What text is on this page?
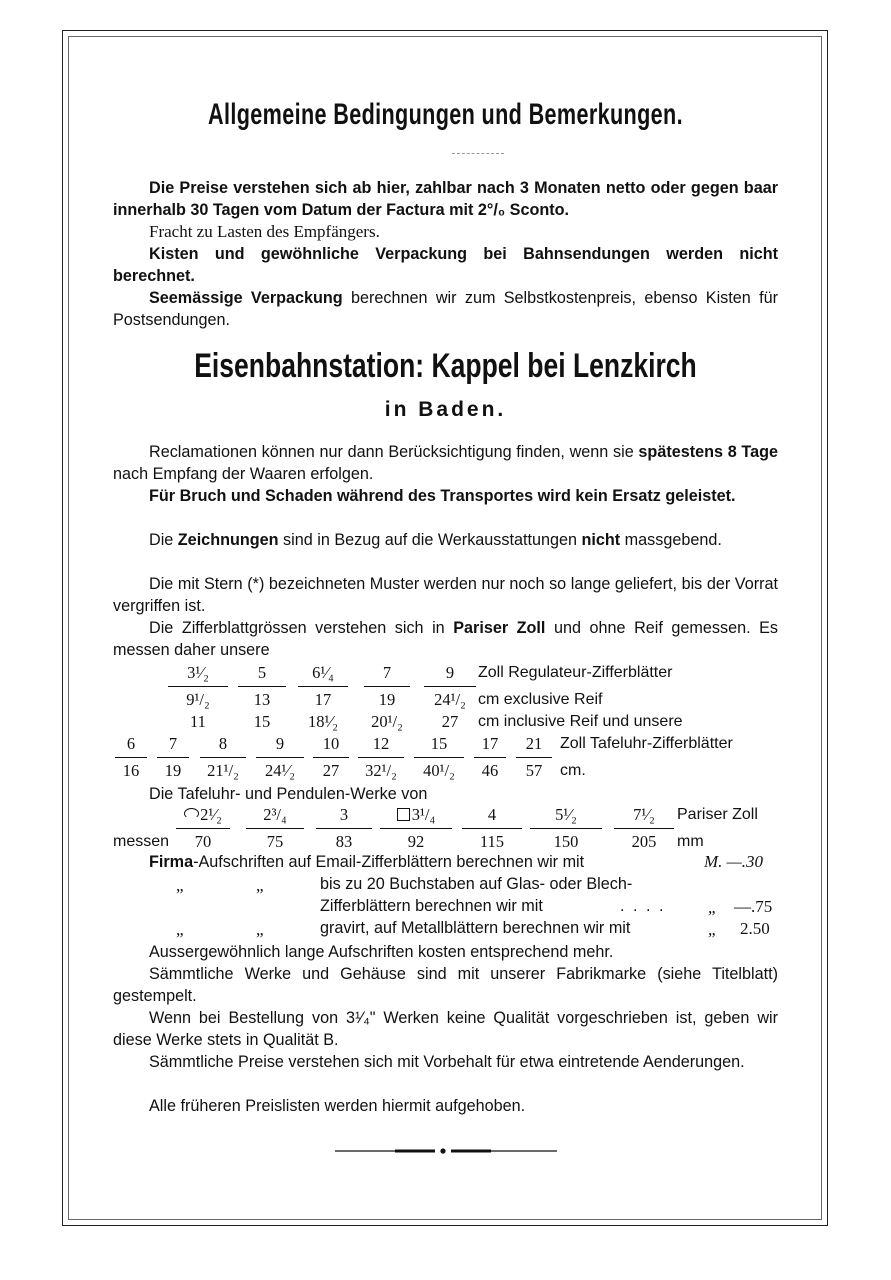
Allgemeine Bedingungen und Bemerkungen.
Die Preise verstehen sich ab hier, zahlbar nach 3 Monaten netto oder gegen baar innerhalb 30 Tagen vom Datum der Factura mit 2°/₀ Sconto.
Fracht zu Lasten des Empfängers.
Kisten und gewöhnliche Verpackung bei Bahnsendungen werden nicht berechnet.
Seemässige Verpackung berechnen wir zum Selbstkostenpreis, ebenso Kisten für Postsendungen.
Eisenbahnstation: Kappel bei Lenzkirch
in Baden.
Reclamationen können nur dann Berücksichtigung finden, wenn sie spätestens 8 Tage nach Empfang der Waaren erfolgen.
Für Bruch und Schaden während des Transportes wird kein Ersatz geleistet.
Die Zeichnungen sind in Bezug auf die Werkausstattungen nicht massgebend.
Die mit Stern (*) bezeichneten Muster werden nur noch so lange geliefert, bis der Vorrat vergriffen ist.
Die Zifferblattgrössen verstehen sich in Pariser Zoll und ohne Reif gemessen. Es messen daher unsere
3¹⁄₂	5	6¹⁄₄	7	9	Zoll Regulateur-Zifferblätter
9¹/₂	13	17	19	24¹/₂ cm exclusive Reif
11	15	18¹⁄₂	20¹/₂	27	cm inclusive Reif und unsere
6	7	8	9	10	12	15	17	21	Zoll Tafeluhr-Zifferblätter
16	19	21¹/₂	24¹⁄₂	27	32¹/₂	40¹/₂	46	57	cm.
Die Tafeluhr- und Pendulen-Werke von
2¹⁄₂	2³/₄	3	3¹/₄	4	5¹⁄₂	7¹⁄₂	Pariser Zoll
messen	70	75	83	92	115	150	205	mm
Firma-Aufschriften auf Email-Zifferblättern berechnen wir mit	M. —.30
„	„	bis zu 20 Buchstaben auf Glas- oder Blech-
Zifferblättern berechnen wir mit	. . . .	„ —.75
„	„	gravirt, auf Metallblättern berechnen wir mit	„ 2.50
Aussergewöhnlich lange Aufschriften kosten entsprechend mehr.
Sämmtliche Werke und Gehäuse sind mit unserer Fabrikmarke (siehe Titelblatt) gestempelt.
Wenn bei Bestellung von 3¹⁄₄" Werken keine Qualität vorgeschrieben ist, geben wir diese Werke stets in Qualität B.
Sämmtliche Preise verstehen sich mit Vorbehalt für etwa eintretende Aenderungen.
Alle früheren Preislisten werden hiermit aufgehoben.
